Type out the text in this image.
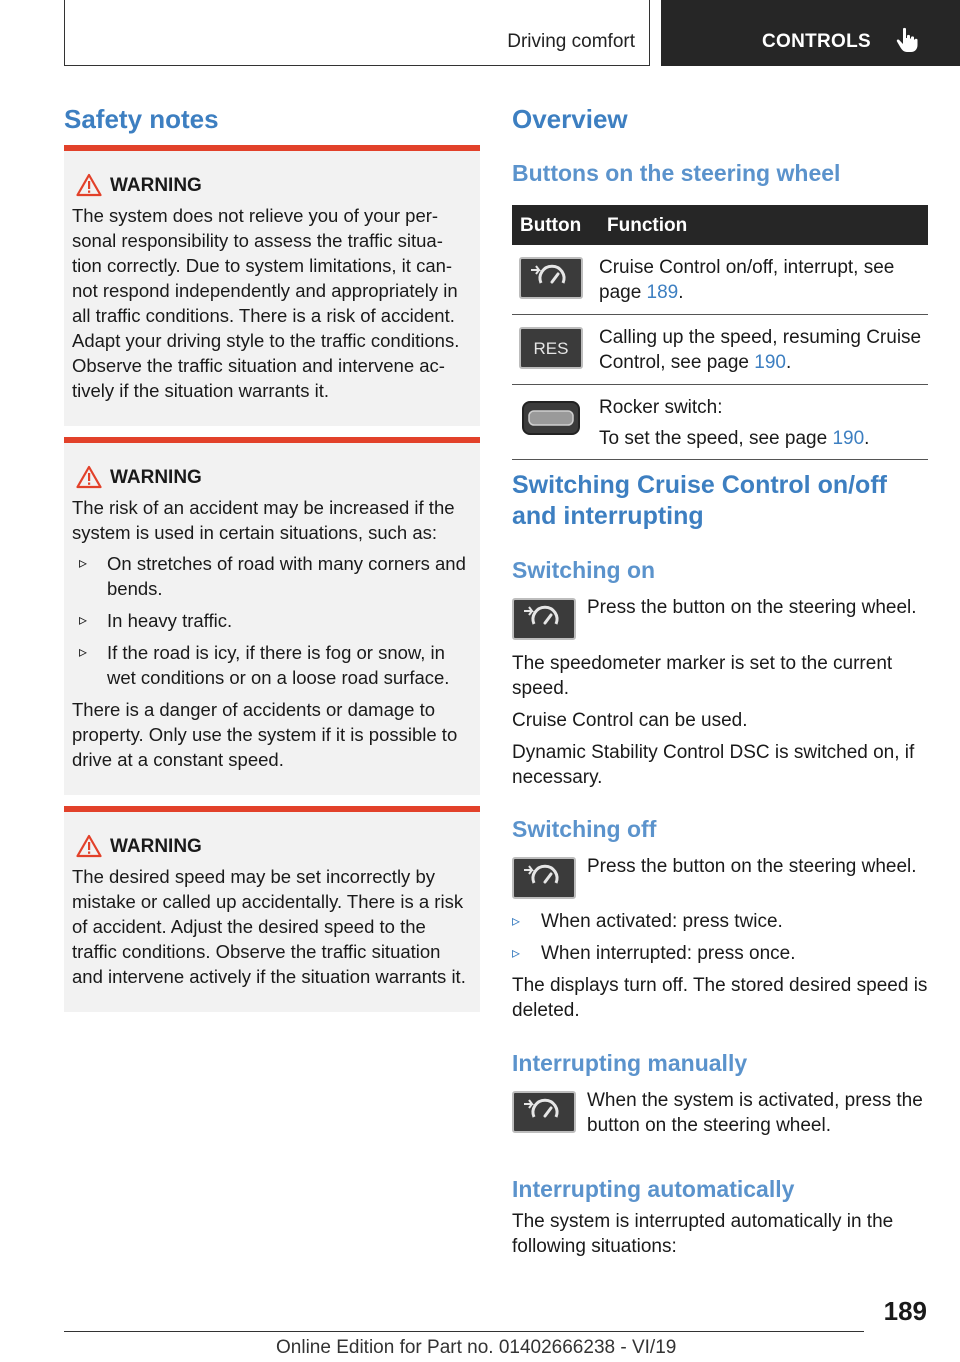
Driving comfort	CONTROLS
Safety notes
WARNING
The system does not relieve you of your per-sonal responsibility to assess the traffic situa-tion correctly. Due to system limitations, it can-not respond independently and appropriately in all traffic conditions. There is a risk of accident. Adapt your driving style to the traffic conditions. Observe the traffic situation and intervene ac-tively if the situation warrants it.
WARNING
The risk of an accident may be increased if the system is used in certain situations, such as:
▹ On stretches of road with many corners and bends.
▹ In heavy traffic.
▹ If the road is icy, if there is fog or snow, in wet conditions or on a loose road surface.
There is a danger of accidents or damage to property. Only use the system if it is possible to drive at a constant speed.
WARNING
The desired speed may be set incorrectly by mistake or called up accidentally. There is a risk of accident. Adjust the desired speed to the traffic conditions. Observe the traffic situation and intervene actively if the situation warrants it.
Overview
Buttons on the steering wheel
Button	Function
	Cruise Control on/off, interrupt, see page 189.

RES	Calling up the speed, resuming Cruise Control, see page 190.

Rocker switch:
To set the speed, see page 190.
Switching Cruise Control on/off and interrupting
Switching on
Press the button on the steering wheel.
The speedometer marker is set to the current speed.
Cruise Control can be used.
Dynamic Stability Control DSC is switched on, if necessary.
Switching off
Press the button on the steering wheel.
▹ When activated: press twice.
▹ When interrupted: press once.
The displays turn off. The stored desired speed is deleted.
Interrupting manually
When the system is activated, press the button on the steering wheel.
Interrupting automatically
The system is interrupted automatically in the following situations:
189
Online Edition for Part no. 01402666238 - VI/19
